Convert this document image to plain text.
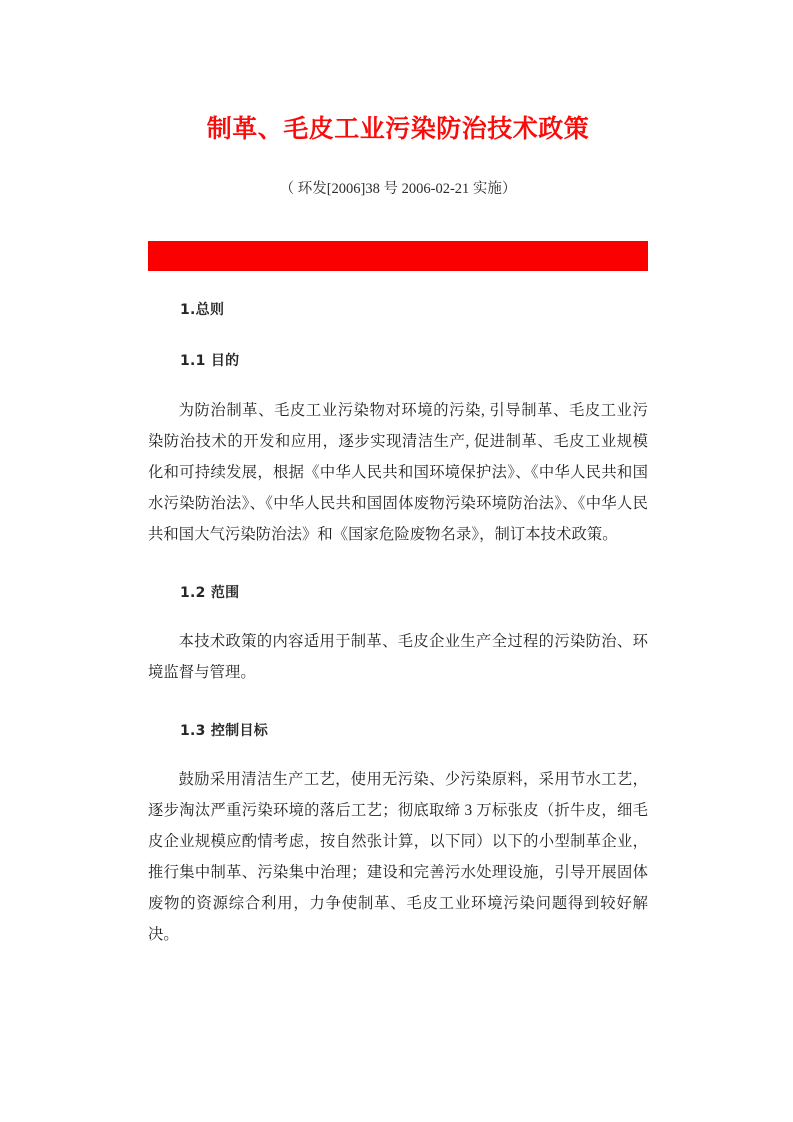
制革、毛皮工业污染防治技术政策
（ 环发[2006]38 号 2006-02-21 实施）
1.总则
1.1 目的

为防治制革、毛皮工业污染物对环境的污染, 引导制革、毛皮工业污染防治技术的开发和应用，逐步实现清洁生产, 促进制革、毛皮工业规模化和可持续发展，根据《中华人民共和国环境保护法》、《中华人民共和国水污染防治法》、《中华人民共和国固体废物污染环境防治法》、《中华人民共和国大气污染防治法》和《国家危险废物名录》，制订本技术政策。

1.2 范围

本技术政策的内容适用于制革、毛皮企业生产全过程的污染防治、环境监督与管理。

1.3 控制目标

鼓励采用清洁生产工艺，使用无污染、少污染原料，采用节水工艺，逐步淘汰严重污染环境的落后工艺；彻底取缔 3 万标张皮（折牛皮，细毛皮企业规模应酌情考虑，按自然张计算，以下同）以下的小型制革企业，推行集中制革、污染集中治理；建设和完善污水处理设施，引导开展固体废物的资源综合利用，力争使制革、毛皮工业环境污染问题得到较好解决。
